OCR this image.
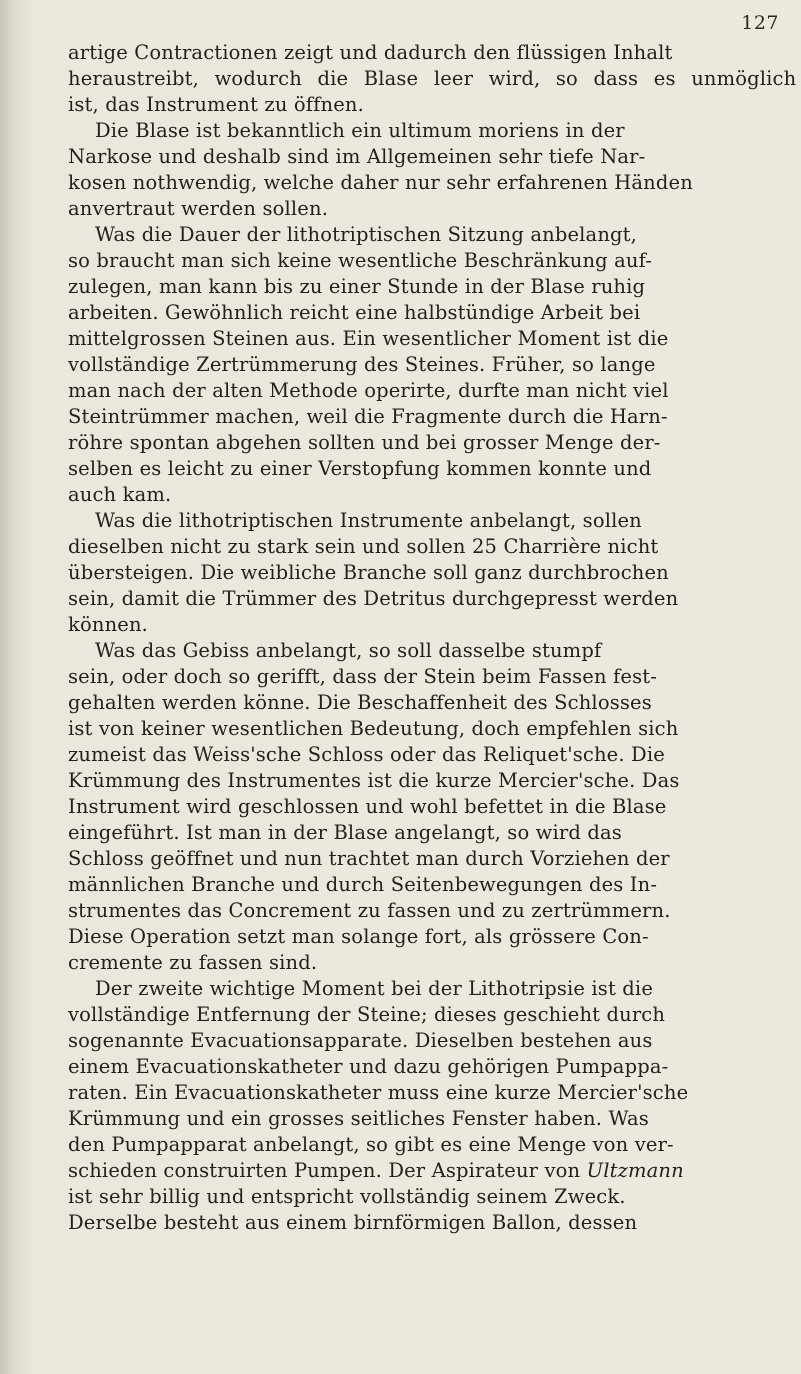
127
artige Contractionen zeigt und dadurch den flüssigen Inhalt
heraustreibt, wodurch die Blase leer wird, so dass es unmöglich
ist, das Instrument zu öffnen.
Die Blase ist bekanntlich ein ultimum moriens in der
Narkose und deshalb sind im Allgemeinen sehr tiefe Nar-
kosen nothwendig, welche daher nur sehr erfahrenen Händen
anvertraut werden sollen.
Was die Dauer der lithotriptischen Sitzung anbelangt,
so braucht man sich keine wesentliche Beschränkung auf-
zulegen, man kann bis zu einer Stunde in der Blase ruhig
arbeiten. Gewöhnlich reicht eine halbstündige Arbeit bei
mittelgrossen Steinen aus. Ein wesentlicher Moment ist die
vollständige Zertrümmerung des Steines. Früher, so lange
man nach der alten Methode operirte, durfte man nicht viel
Steintrümmer machen, weil die Fragmente durch die Harn-
röhre spontan abgehen sollten und bei grosser Menge der-
selben es leicht zu einer Verstopfung kommen konnte und
auch kam.
Was die lithotriptischen Instrumente anbelangt, sollen
dieselben nicht zu stark sein und sollen 25 Charrière nicht
übersteigen. Die weibliche Branche soll ganz durchbrochen
sein, damit die Trümmer des Detritus durchgepresst werden
können.
Was das Gebiss anbelangt, so soll dasselbe stumpf
sein, oder doch so gerifft, dass der Stein beim Fassen fest-
gehalten werden könne. Die Beschaffenheit des Schlosses
ist von keiner wesentlichen Bedeutung, doch empfehlen sich
zumeist das Weiss'sche Schloss oder das Reliquet'sche. Die
Krümmung des Instrumentes ist die kurze Mercier'sche. Das
Instrument wird geschlossen und wohl befettet in die Blase
eingeführt. Ist man in der Blase angelangt, so wird das
Schloss geöffnet und nun trachtet man durch Vorziehen der
männlichen Branche und durch Seitenbewegungen des In-
strumentes das Concrement zu fassen und zu zertrümmern.
Diese Operation setzt man solange fort, als grössere Con-
cremente zu fassen sind.
Der zweite wichtige Moment bei der Lithotripsie ist die
vollständige Entfernung der Steine; dieses geschieht durch
sogenannte Evacuationsapparate. Dieselben bestehen aus
einem Evacuationskatheter und dazu gehörigen Pumpappa-
raten. Ein Evacuationskatheter muss eine kurze Mercier'sche
Krümmung und ein grosses seitliches Fenster haben. Was
den Pumpapparat anbelangt, so gibt es eine Menge von ver-
schieden construirten Pumpen. Der Aspirateur von Ultzmann
ist sehr billig und entspricht vollständig seinem Zweck.
Derselbe besteht aus einem birnförmigen Ballon, dessen
